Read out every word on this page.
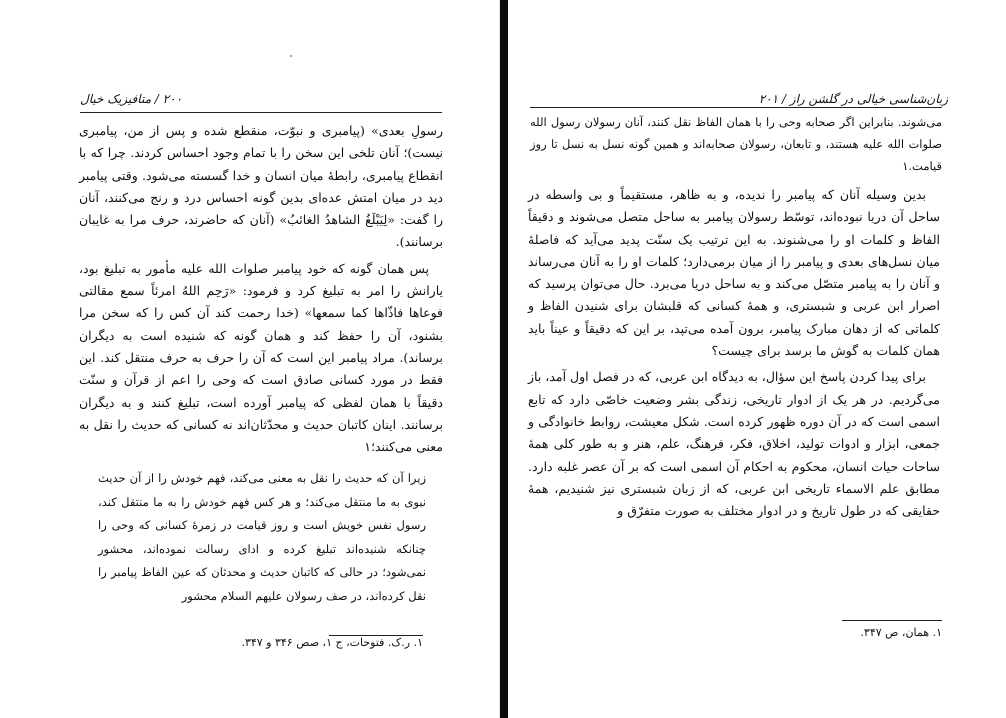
۲۰۰ / متافیزیک خیال

رسولِ بعدی» (پیامبری و نبوّت، منقطع شده و پس از من، پیامبری نیست)؛ آنان تلخی این سخن را با تمام وجود احساس کردند. چرا که با انقطاع پیامبری، رابطهٔ میان انسان و خدا گسسته می‌شود. وقتی پیامبر دید در میان امتش عده‌ای بدین گونه احساس درد و رنج می‌کنند، آنان را گفت: «لِیَبْلَغُ الشاهدُ الغائبُ» (آنان که حاضرند، حرف مرا به غایبان برسانند).

پس همان گونه که خود پیامبر صلوات الله علیه مأمور به تبلیغ بود، یارانش را امر به تبلیغ کرد و فرمود: «رَحِم اللهُ امرئاً سمع مقالتی فوعاها فاذّاها کما سمعها» (خدا رحمت کند آن کس را که سخن مرا بشنود، آن را حفظ کند و همان گونه که شنیده است به دیگران برساند). مراد پیامبر این است که آن را حرف به حرف منتقل کند. این فقط در مورد کسانی صادق است که وحی را اعم از قرآن و سنّت دقیقاً با همان لفظی که پیامبر آورده است، تبلیغ کنند و به دیگران برسانند. اینان کاتبان حدیث و محدّثان‌اند نه کسانی که حدیث را نقل به معنی می‌کنند؛۱

زیرا آن که حدیث را نقل به معنی می‌کند، فهم خودش را از آن حدیث نبوی به ما منتقل می‌کند؛ و هر کس فهم خودش را به ما منتقل کند، رسول نفس خویش است و روز قیامت در زمرهٔ کسانی که وحی را چنانکه شنیده‌اند تبلیغ کرده و ادای رسالت نموده‌اند، محشور نمی‌شود؛ در حالی که کاتبان حدیث و محدثان که عین الفاظ پیامبر را نقل کرده‌اند، در صف رسولان علیهم السلام محشور
۱. ر.ک. فتوحات، ج ۱، صص ۳۴۶ و ۳۴۷.
زبان‌شناسی خیالی در گلشن راز / ۲۰۱
می‌شوند. بنابراین اگر صحابه وحی را با همان الفاظ نقل کنند، آنان رسولان رسول الله صلوات الله علیه هستند، و تابعان، رسولان صحابه‌اند و همین گونه نسل به نسل تا روز قیامت.۱

بدین وسیله آنان که پیامبر را ندیده، و به ظاهر، مستقیماً و بی واسطه در ساحل آن دریا نبوده‌اند، توسّط رسولان پیامبر به ساحل متصل می‌شوند و دقیقاً الفاظ و کلمات او را می‌شنوند. به این ترتیب یک سنّت پدید می‌آید که فاصلهٔ میان نسل‌های بعدی و پیامبر را از میان برمی‌دارد؛ کلمات او را به آنان می‌رساند و آنان را به پیامبر متصّل می‌کند و به ساحل دریا می‌برد. حال می‌توان پرسید که اصرار ابن عربی و شبستری، و همهٔ کسانی که قلبشان برای شنیدن الفاظ و کلماتی که از دهان مبارک پیامبر، برون آمده می‌تپد، بر این که دقیقاً و عیناً باید همان کلمات به گوش ما برسد برای چیست؟

برای پیدا کردن پاسخ این سؤال، به دیدگاه ابن عربی، که در فصل اول آمد، باز می‌گردیم. در هر یک از ادوار تاریخی، زندگی بشر وضعیت خاصّی دارد که تابع اسمی است که در آن دوره ظهور کرده است. شکل معیشت، روابط خانوادگی و جمعی، ابزار و ادوات تولید، اخلاق، فکر، فرهنگ، علم، هنر و به طور کلی همهٔ ساحات حیات انسان، محکوم به احکام آن اسمی است که بر آن عصر غلبه دارد. مطابق علم الاسماء تاریخی ابن عربی، که از زبان شبستری نیز شنیدیم، همهٔ حقایقی که در طول تاریخ و در ادوار مختلف به صورت متفرّق و

۱. همان، ص ۳۴۷.
